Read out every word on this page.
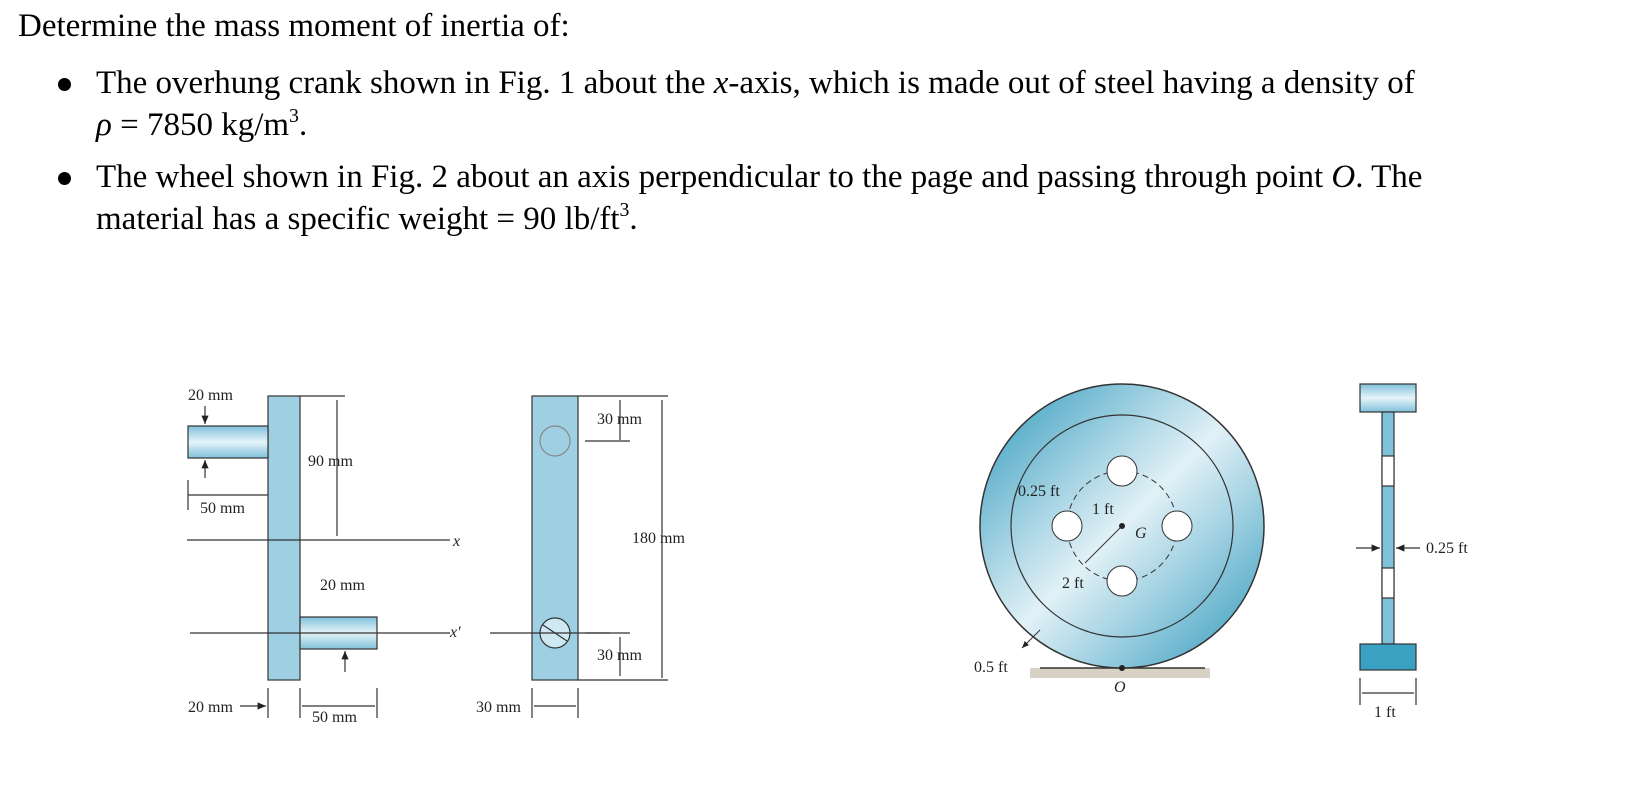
Determine the mass moment of inertia of:
The overhung crank shown in Fig. 1 about the x-axis, which is made out of steel having a density of
ρ = 7850 $kg/m^3$.
The wheel shown in Fig. 2 about an axis perpendicular to the page and passing through point O. The
material has a specific weight = 90 $lb/ft^3$.
20 mm
50 mm
90 mm
x
20 mm
x′
20 mm
50 mm
30 mm
180 mm
30 mm
30 mm
0.25 ft
1 ft
G
2 ft
0.5 ft
O
0.25 ft
1 ft
